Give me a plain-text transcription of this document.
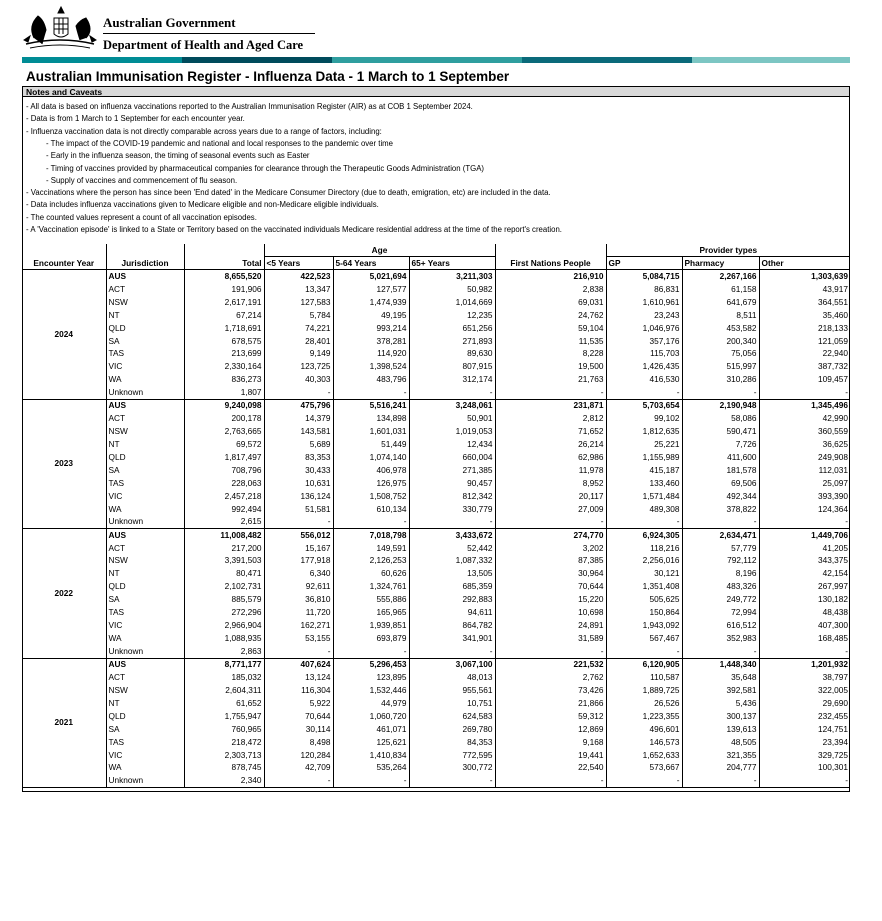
Australian Government
Department of Health and Aged Care
Australian Immunisation Register - Influenza Data - 1 March to 1 September
Notes and Caveats
- All data is based on influenza vaccinations reported to the Australian Immunisation Register (AIR) as at COB 1 September 2024.
- Data is from 1 March to 1 September for each encounter year.
- Influenza vaccination data is not directly comparable across years due to a range of factors, including:
- The impact of the COVID-19 pandemic and national and local responses to the pandemic over time
- Early in the influenza season, the timing of seasonal events such as Easter
- Timing of vaccines provided by pharmaceutical companies for clearance through the Therapeutic Goods Administration (TGA)
- Supply of vaccines and commencement of flu season.
- Vaccinations where the person has since been 'End dated' in the Medicare Consumer Directory (due to death, emigration, etc) are included in the data.
- Data includes influenza vaccinations given to Medicare eligible and non-Medicare eligible individuals.
- The counted values represent a count of all vaccination episodes.
- A 'Vaccination episode' is linked to a State or Territory based on the vaccinated individuals Medicare residential address at the time of the report's creation.
			Age				Provider types		
Encounter Year	Jurisdiction	Total	<5 Years	5-64 Years	65+ Years	First Nations People	GP	Pharmacy	Other
2024	AUS	8,655,520	422,523	5,021,694	3,211,303	216,910	5,084,715	2,267,166	1,303,639
	ACT	191,906	13,347	127,577	50,982	2,838	86,831	61,158	43,917
	NSW	2,617,191	127,583	1,474,939	1,014,669	69,031	1,610,961	641,679	364,551
	NT	67,214	5,784	49,195	12,235	24,762	23,243	8,511	35,460
	QLD	1,718,691	74,221	993,214	651,256	59,104	1,046,976	453,582	218,133
	SA	678,575	28,401	378,281	271,893	11,535	357,176	200,340	121,059
	TAS	213,699	9,149	114,920	89,630	8,228	115,703	75,056	22,940
	VIC	2,330,164	123,725	1,398,524	807,915	19,500	1,426,435	515,997	387,732
	WA	836,273	40,303	483,796	312,174	21,763	416,530	310,286	109,457
	Unknown	1,807	-	-	-	-	-	-	-
2023	AUS	9,240,098	475,796	5,516,241	3,248,061	231,871	5,703,654	2,190,948	1,345,496
	ACT	200,178	14,379	134,898	50,901	2,812	99,102	58,086	42,990
	NSW	2,763,665	143,581	1,601,031	1,019,053	71,652	1,812,635	590,471	360,559
	NT	69,572	5,689	51,449	12,434	26,214	25,221	7,726	36,625
	QLD	1,817,497	83,353	1,074,140	660,004	62,986	1,155,989	411,600	249,908
	SA	708,796	30,433	406,978	271,385	11,978	415,187	181,578	112,031
	TAS	228,063	10,631	126,975	90,457	8,952	133,460	69,506	25,097
	VIC	2,457,218	136,124	1,508,752	812,342	20,117	1,571,484	492,344	393,390
	WA	992,494	51,581	610,134	330,779	27,009	489,308	378,822	124,364
	Unknown	2,615	-	-	-	-	-	-	-
2022	AUS	11,008,482	556,012	7,018,798	3,433,672	274,770	6,924,305	2,634,471	1,449,706
	ACT	217,200	15,167	149,591	52,442	3,202	118,216	57,779	41,205
	NSW	3,391,503	177,918	2,126,253	1,087,332	87,385	2,256,016	792,112	343,375
	NT	80,471	6,340	60,626	13,505	30,964	30,121	8,196	42,154
	QLD	2,102,731	92,611	1,324,761	685,359	70,644	1,351,408	483,326	267,997
	SA	885,579	36,810	555,886	292,883	15,220	505,625	249,772	130,182
	TAS	272,296	11,720	165,965	94,611	10,698	150,864	72,994	48,438
	VIC	2,966,904	162,271	1,939,851	864,782	24,891	1,943,092	616,512	407,300
	WA	1,088,935	53,155	693,879	341,901	31,589	567,467	352,983	168,485
	Unknown	2,863	-	-	-	-	-	-	-
2021	AUS	8,771,177	407,624	5,296,453	3,067,100	221,532	6,120,905	1,448,340	1,201,932
	ACT	185,032	13,124	123,895	48,013	2,762	110,587	35,648	38,797
	NSW	2,604,311	116,304	1,532,446	955,561	73,426	1,889,725	392,581	322,005
	NT	61,652	5,922	44,979	10,751	21,866	26,526	5,436	29,690
	QLD	1,755,947	70,644	1,060,720	624,583	59,312	1,223,355	300,137	232,455
	SA	760,965	30,114	461,071	269,780	12,869	496,601	139,613	124,751
	TAS	218,472	8,498	125,621	84,353	9,168	146,573	48,505	23,394
	VIC	2,303,713	120,284	1,410,834	772,595	19,441	1,652,633	321,355	329,725
	WA	878,745	42,709	535,264	300,772	22,540	573,667	204,777	100,301
	Unknown	2,340	-	-	-	-	-	-	-
